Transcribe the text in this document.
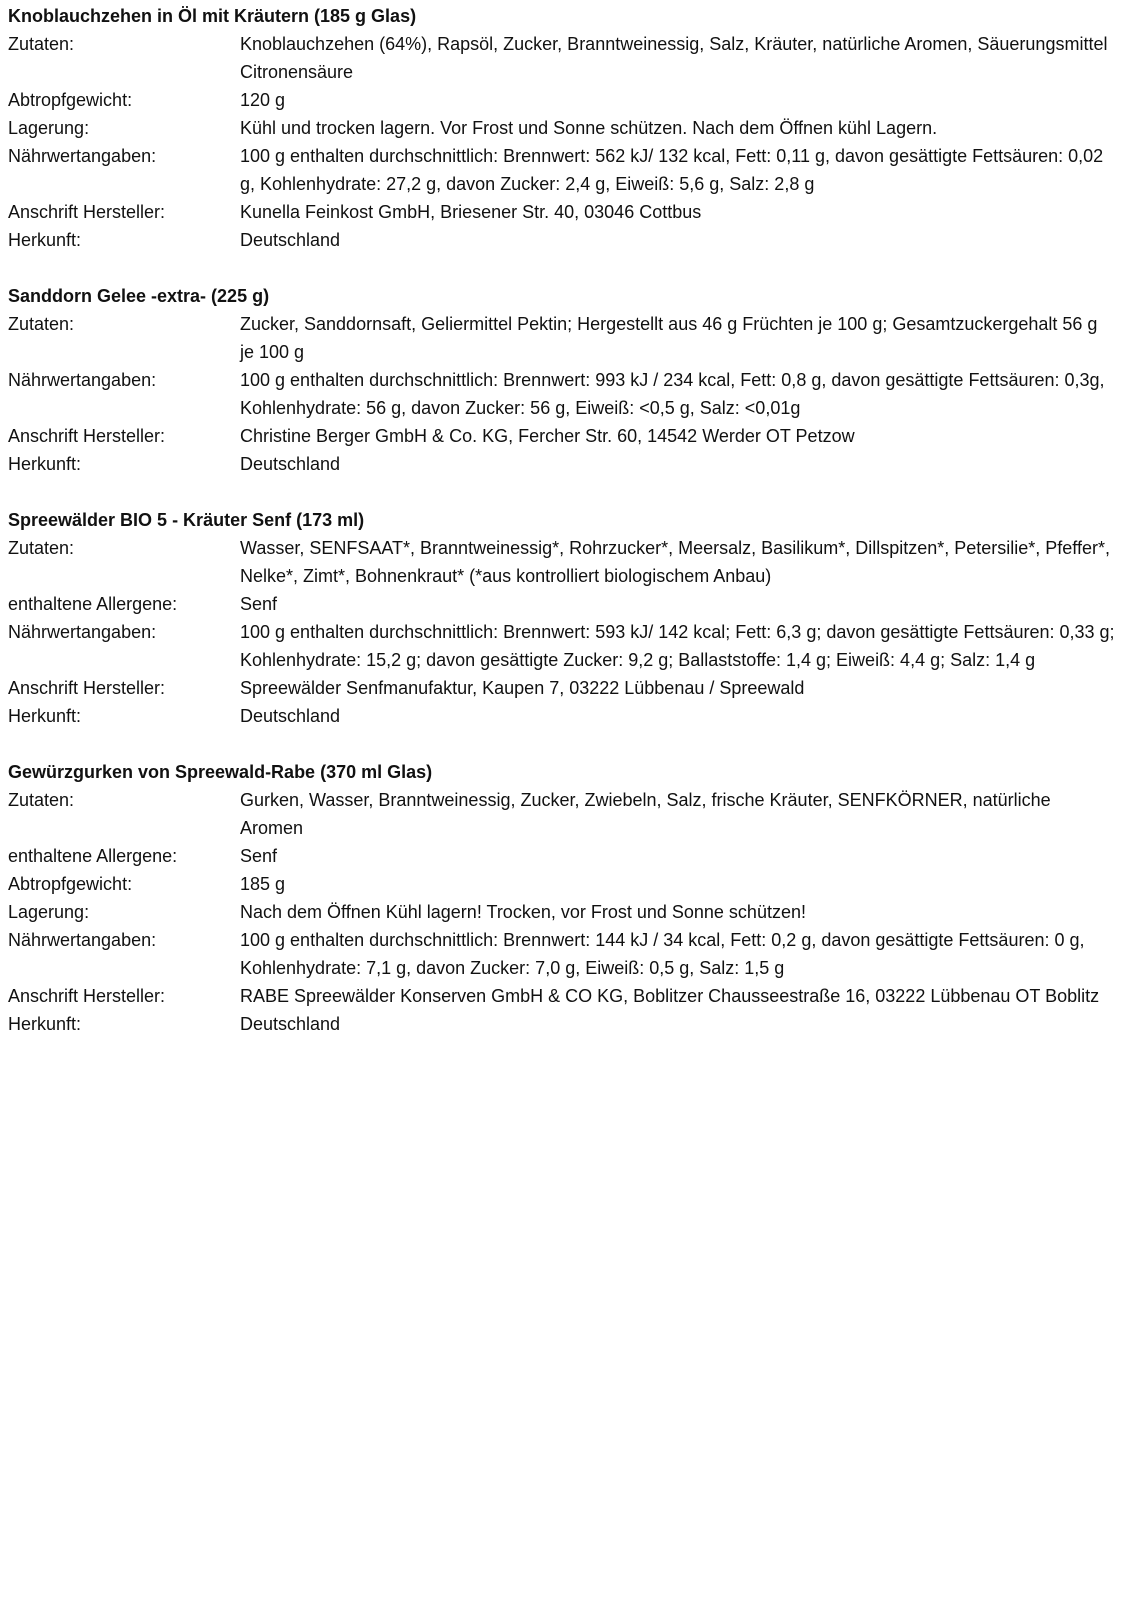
Knoblauchzehen in Öl mit Kräutern (185 g Glas)
Zutaten:	Knoblauchzehen (64%), Rapsöl, Zucker, Branntweinessig, Salz, Kräuter, natürliche Aromen, Säuerungsmittel Citronensäure
Abtropfgewicht:	120 g
Lagerung:	Kühl und trocken lagern. Vor Frost und Sonne schützen. Nach dem Öffnen kühl Lagern.
Nährwertangaben:	100 g enthalten durchschnittlich: Brennwert: 562 kJ/ 132 kcal, Fett: 0,11 g, davon gesättigte Fettsäuren: 0,02 g, Kohlenhydrate: 27,2 g, davon Zucker: 2,4 g, Eiweiß: 5,6 g, Salz: 2,8 g
Anschrift Hersteller:	Kunella Feinkost GmbH, Briesener Str. 40, 03046 Cottbus
Herkunft:	Deutschland
Sanddorn Gelee -extra- (225 g)
Zutaten:	Zucker, Sanddornsaft, Geliermittel Pektin; Hergestellt aus 46 g Früchten je 100 g; Gesamtzuckergehalt 56 g je 100 g
Nährwertangaben:	100 g enthalten durchschnittlich: Brennwert: 993 kJ / 234 kcal, Fett: 0,8 g, davon gesättigte Fettsäuren: 0,3g, Kohlenhydrate: 56 g, davon Zucker: 56 g, Eiweiß: <0,5 g, Salz: <0,01g
Anschrift Hersteller:	Christine Berger GmbH & Co. KG, Fercher Str. 60, 14542 Werder OT Petzow
Herkunft:	Deutschland
Spreewälder BIO 5 - Kräuter Senf (173 ml)
Zutaten:	Wasser, SENFSAAT*, Branntweinessig*, Rohrzucker*, Meersalz, Basilikum*, Dillspitzen*, Petersilie*, Pfeffer*, Nelke*, Zimt*, Bohnenkraut* (*aus kontrolliert biologischem Anbau)
enthaltene Allergene:	Senf
Nährwertangaben:	100 g enthalten durchschnittlich: Brennwert: 593 kJ/ 142 kcal; Fett: 6,3 g; davon gesättigte Fettsäuren: 0,33 g; Kohlenhydrate: 15,2 g; davon gesättigte Zucker: 9,2 g; Ballaststoffe: 1,4 g; Eiweiß: 4,4 g; Salz: 1,4 g
Anschrift Hersteller:	Spreewälder Senfmanufaktur, Kaupen 7, 03222 Lübbenau / Spreewald
Herkunft:	Deutschland
Gewürzgurken von Spreewald-Rabe (370 ml Glas)
Zutaten:	Gurken, Wasser, Branntweinessig, Zucker, Zwiebeln, Salz, frische Kräuter, SENFKÖRNER, natürliche Aromen
enthaltene Allergene:	Senf
Abtropfgewicht:	185 g
Lagerung:	Nach dem Öffnen Kühl lagern! Trocken, vor Frost und Sonne schützen!
Nährwertangaben:	100 g enthalten durchschnittlich: Brennwert: 144 kJ / 34 kcal, Fett: 0,2 g, davon gesättigte Fettsäuren: 0 g, Kohlenhydrate: 7,1 g, davon Zucker: 7,0 g, Eiweiß: 0,5 g, Salz: 1,5 g
Anschrift Hersteller:	RABE Spreewälder Konserven GmbH & CO KG, Boblitzer Chausseestraße 16, 03222 Lübbenau OT Boblitz
Herkunft:	Deutschland
